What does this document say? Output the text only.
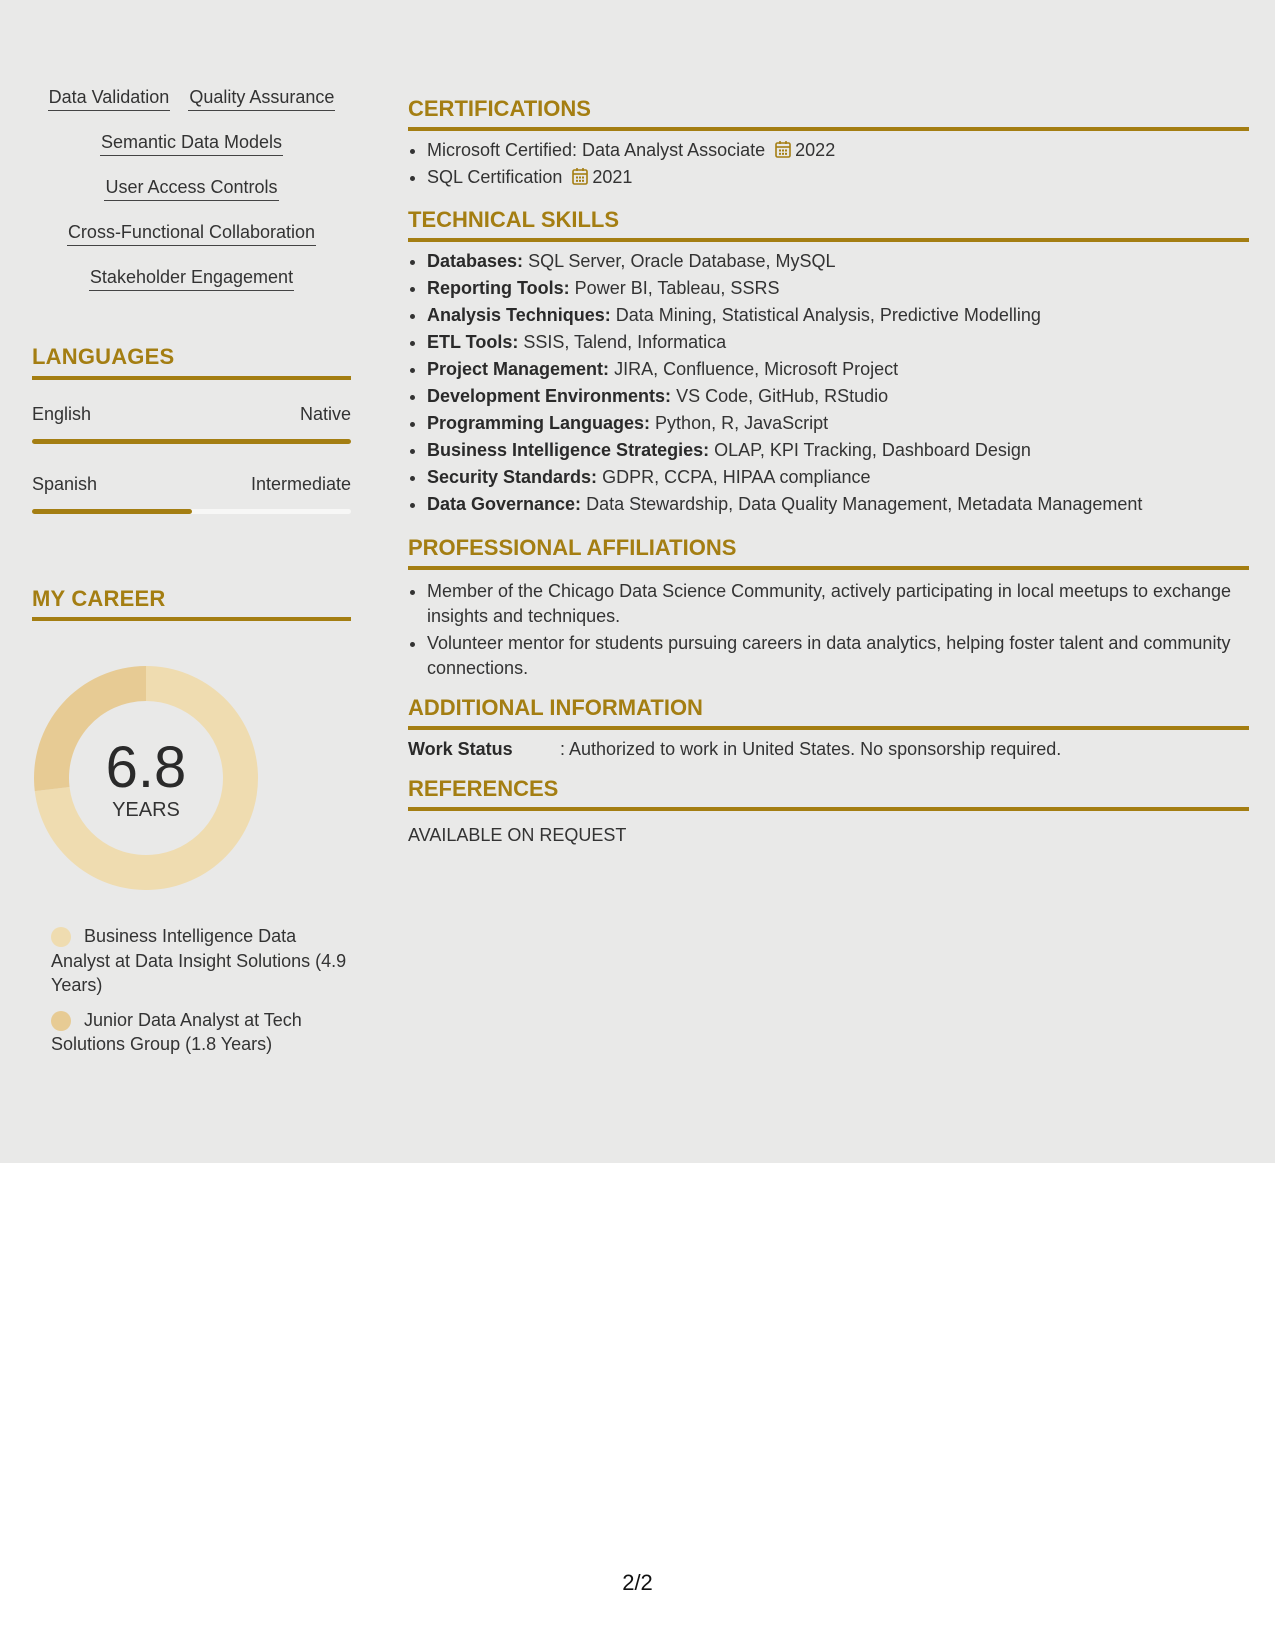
Data Validation Quality Assurance
Semantic Data Models
User Access Controls
Cross-Functional Collaboration
Stakeholder Engagement
LANGUAGES
English	Native
Spanish	Intermediate
MY CAREER
6.8
YEARS
Business Intelligence Data Analyst at Data Insight Solutions (4.9 Years)
Junior Data Analyst at Tech Solutions Group (1.8 Years)
CERTIFICATIONS
• Microsoft Certified: Data Analyst Associate 2022
• SQL Certification 2021
TECHNICAL SKILLS
• Databases: SQL Server, Oracle Database, MySQL
• Reporting Tools: Power BI, Tableau, SSRS
• Analysis Techniques: Data Mining, Statistical Analysis, Predictive Modelling
• ETL Tools: SSIS, Talend, Informatica
• Project Management: JIRA, Confluence, Microsoft Project
• Development Environments: VS Code, GitHub, RStudio
• Programming Languages: Python, R, JavaScript
• Business Intelligence Strategies: OLAP, KPI Tracking, Dashboard Design
• Security Standards: GDPR, CCPA, HIPAA compliance
• Data Governance: Data Stewardship, Data Quality Management, Metadata Management
PROFESSIONAL AFFILIATIONS
• Member of the Chicago Data Science Community, actively participating in local meetups to exchange insights and techniques.
• Volunteer mentor for students pursuing careers in data analytics, helping foster talent and community connections.
ADDITIONAL INFORMATION
Work Status	: Authorized to work in United States. No sponsorship required.
REFERENCES
AVAILABLE ON REQUEST
2/2
